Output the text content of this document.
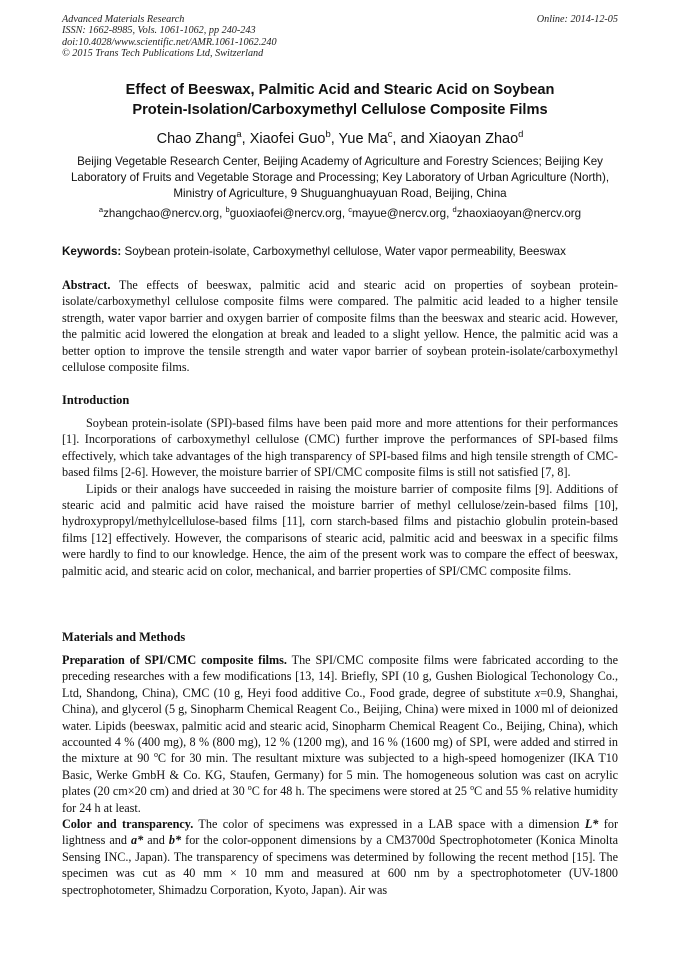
Advanced Materials Research
ISSN: 1662-8985, Vols. 1061-1062, pp 240-243
doi:10.4028/www.scientific.net/AMR.1061-1062.240
© 2015 Trans Tech Publications Ltd, Switzerland
Online: 2014-12-05
Effect of Beeswax, Palmitic Acid and Stearic Acid on Soybean
Protein-Isolation/Carboxymethyl Cellulose Composite Films
Chao Zhang$^a$, Xiaofei Guo$^b$, Yue Ma$^c$, and Xiaoyan Zhao$^d$
Beijing Vegetable Research Center, Beijing Academy of Agriculture and Forestry Sciences; Beijing Key Laboratory of Fruits and Vegetable Storage and Processing; Key Laboratory of Urban Agriculture (North), Ministry of Agriculture, 9 Shuguanghuayuan Road, Beijing, China
$^a$zhangchao@nercv.org, $^b$guoxiaofei@nercv.org, $^c$mayue@nercv.org, $^d$zhaoxiaoyan@nercv.org
Keywords: Soybean protein-isolate, Carboxymethyl cellulose, Water vapor permeability, Beeswax
Abstract. The effects of beeswax, palmitic acid and stearic acid on properties of soybean protein-isolate/carboxymethyl cellulose composite films were compared. The palmitic acid leaded to a higher tensile strength, water vapor barrier and oxygen barrier of composite films than the beeswax and stearic acid. However, the palmitic acid lowered the elongation at break and leaded to a slight yellow. Hence, the palmitic acid was a better option to improve the tensile strength and water vapor barrier of soybean protein-isolate/carboxymethyl cellulose composite films.
Introduction

Soybean protein-isolate (SPI)-based films have been paid more and more attentions for their performances [1]. Incorporations of carboxymethyl cellulose (CMC) further improve the performances of SPI-based films effectively, which take advantages of the high transparency of SPI-based films and high tensile strength of CMC-based films [2-6]. However, the moisture barrier of SPI/CMC composite films is still not satisfied [7, 8].

Lipids or their analogs have succeeded in raising the moisture barrier of composite films [9]. Additions of stearic acid and palmitic acid have raised the moisture barrier of methyl cellulose/zein-based films [10], hydroxypropyl/methylcellulose-based films [11], corn starch-based films and pistachio globulin protein-based films [12] effectively. However, the comparisons of stearic acid, palmitic acid and beeswax in a specific films were hardly to find to our knowledge. Hence, the aim of the present work was to compare the effect of beeswax, palmitic acid, and stearic acid on color, mechanical, and barrier properties of SPI/CMC composite films.

Materials and Methods

Preparation of SPI/CMC composite films. The SPI/CMC composite films were fabricated according to the preceding researches with a few modifications [13, 14]. Briefly, SPI (10 g, Gushen Biological Techonology Co., Ltd, Shandong, China), CMC (10 g, Heyi food additive Co., Food grade, degree of substitute x=0.9, Shanghai, China), and glycerol (5 g, Sinopharm Chemical Reagent Co., Beijing, China) were mixed in 1000 ml of deionized water. Lipids (beeswax, palmitic acid and stearic acid, Sinopharm Chemical Reagent Co., Beijing, China), which accounted 4 % (400 mg), 8 % (800 mg), 12 % (1200 mg), and 16 % (1600 mg) of SPI, were added and stirred in the mixture at 90 $^o$C for 30 min. The resultant mixture was subjected to a high-speed homogenizer (IKA T10 Basic, Werke GmbH & Co. KG, Staufen, Germany) for 5 min. The homogeneous solution was cast on acrylic plates (20 cm×20 cm) and dried at 30 $^o$C for 48 h. The specimens were stored at 25 $^o$C and 55 % relative humidity for 24 h at least.

Color and transparency. The color of specimens was expressed in a LAB space with a dimension L* for lightness and a* and b* for the color-opponent dimensions by a CM3700d Spectrophotometer (Konica Minolta Sensing INC., Japan). The transparency of specimens was determined by following the recent method [15]. The specimen was cut as 40 mm × 10 mm and measured at 600 nm by a spectrophotometer (UV-1800 spectrophotometer, Shimadzu Corporation, Kyoto, Japan). Air was
